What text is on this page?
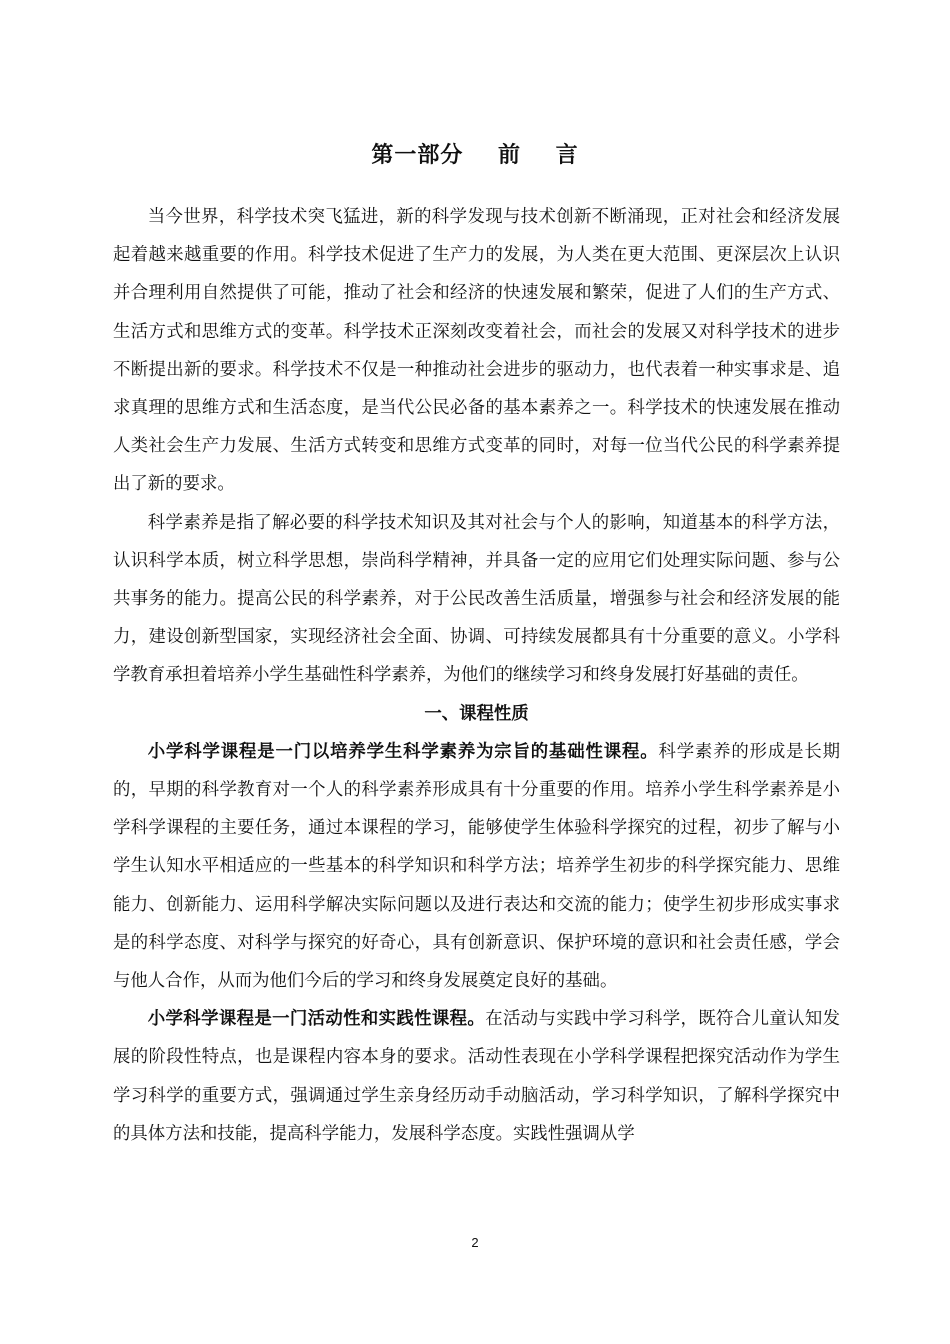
第一部分    前    言

当今世界，科学技术突飞猛进，新的科学发现与技术创新不断涌现，正对社会和经济发展起着越来越重要的作用。科学技术促进了生产力的发展，为人类在更大范围、更深层次上认识并合理利用自然提供了可能，推动了社会和经济的快速发展和繁荣，促进了人们的生产方式、生活方式和思维方式的变革。科学技术正深刻改变着社会，而社会的发展又对科学技术的进步不断提出新的要求。科学技术不仅是一种推动社会进步的驱动力，也代表着一种实事求是、追求真理的思维方式和生活态度，是当代公民必备的基本素养之一。科学技术的快速发展在推动人类社会生产力发展、生活方式转变和思维方式变革的同时，对每一位当代公民的科学素养提出了新的要求。

科学素养是指了解必要的科学技术知识及其对社会与个人的影响，知道基本的科学方法，认识科学本质，树立科学思想，崇尚科学精神，并具备一定的应用它们处理实际问题、参与公共事务的能力。提高公民的科学素养，对于公民改善生活质量，增强参与社会和经济发展的能力，建设创新型国家，实现经济社会全面、协调、可持续发展都具有十分重要的意义。小学科学教育承担着培养小学生基础性科学素养，为他们的继续学习和终身发展打好基础的责任。

一、课程性质

小学科学课程是一门以培养学生科学素养为宗旨的基础性课程。科学素养的形成是长期的，早期的科学教育对一个人的科学素养形成具有十分重要的作用。培养小学生科学素养是小学科学课程的主要任务，通过本课程的学习，能够使学生体验科学探究的过程，初步了解与小学生认知水平相适应的一些基本的科学知识和科学方法；培养学生初步的科学探究能力、思维能力、创新能力、运用科学解决实际问题以及进行表达和交流的能力；使学生初步形成实事求是的科学态度、对科学与探究的好奇心，具有创新意识、保护环境的意识和社会责任感，学会与他人合作，从而为他们今后的学习和终身发展奠定良好的基础。

小学科学课程是一门活动性和实践性课程。在活动与实践中学习科学，既符合儿童认知发展的阶段性特点，也是课程内容本身的要求。活动性表现在小学科学课程把探究活动作为学生学习科学的重要方式，强调通过学生亲身经历动手动脑活动，学习科学知识，了解科学探究中的具体方法和技能，提高科学能力，发展科学态度。实践性强调从学

2
